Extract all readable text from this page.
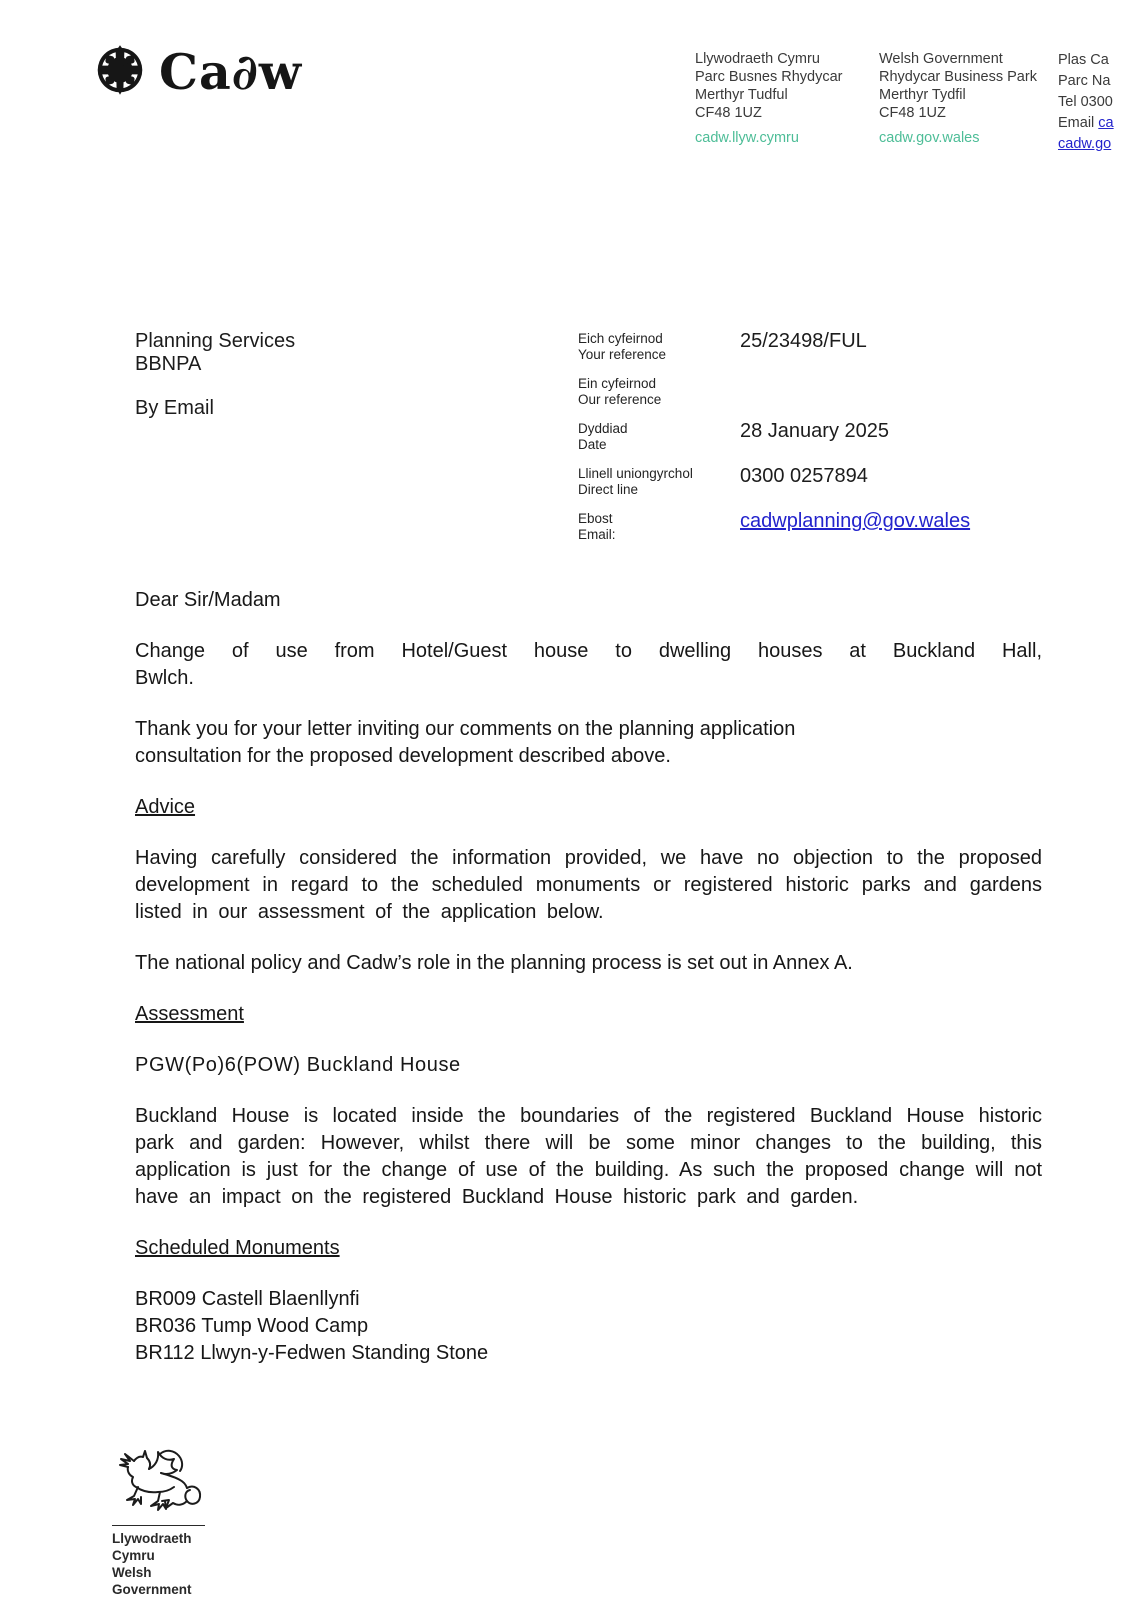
Ca∂w	Llywodraeth Cymru
Parc Busnes Rhydycar
Merthyr Tudful
CF48 1UZ
cadw.llyw.cymru
Welsh Government
Rhydycar Business Park
Merthyr Tydfil
CF48 1UZ
cadw.gov.wales
Plas Ca
Parc Na
Tel 0300
Email ca
cadw.go
Planning Services
BBNPA
By Email
Eich cyfeirnod
Your reference
25/23498/FUL
Ein cyfeirnod
Our reference
Dyddiad
Date
28 January 2025
Llinell uniongyrchol
Direct line
0300 0257894
Ebost
Email:
cadwplanning@gov.wales
Dear Sir/Madam
Change of use from Hotel/Guest house to dwelling houses at Buckland Hall,
Bwlch.
Thank you for your letter inviting our comments on the planning application consultation for the proposed development described above.
Advice
Having carefully considered the information provided, we have no objection to the proposed development in regard to the scheduled monuments or registered historic parks and gardens listed in our assessment of the application below.
The national policy and Cadw’s role in the planning process is set out in Annex A.
Assessment
PGW(Po)6(POW) Buckland House
Buckland House is located inside the boundaries of the registered Buckland House historic park and garden: However, whilst there will be some minor changes to the building, this application is just for the change of use of the building. As such the proposed change will not have an impact on the registered Buckland House historic park and garden.
Scheduled Monuments
BR009 Castell Blaenllynfi
BR036 Tump Wood Camp
BR112 Llwyn-y-Fedwen Standing Stone
Llywodraeth Cymru
Welsh Government
